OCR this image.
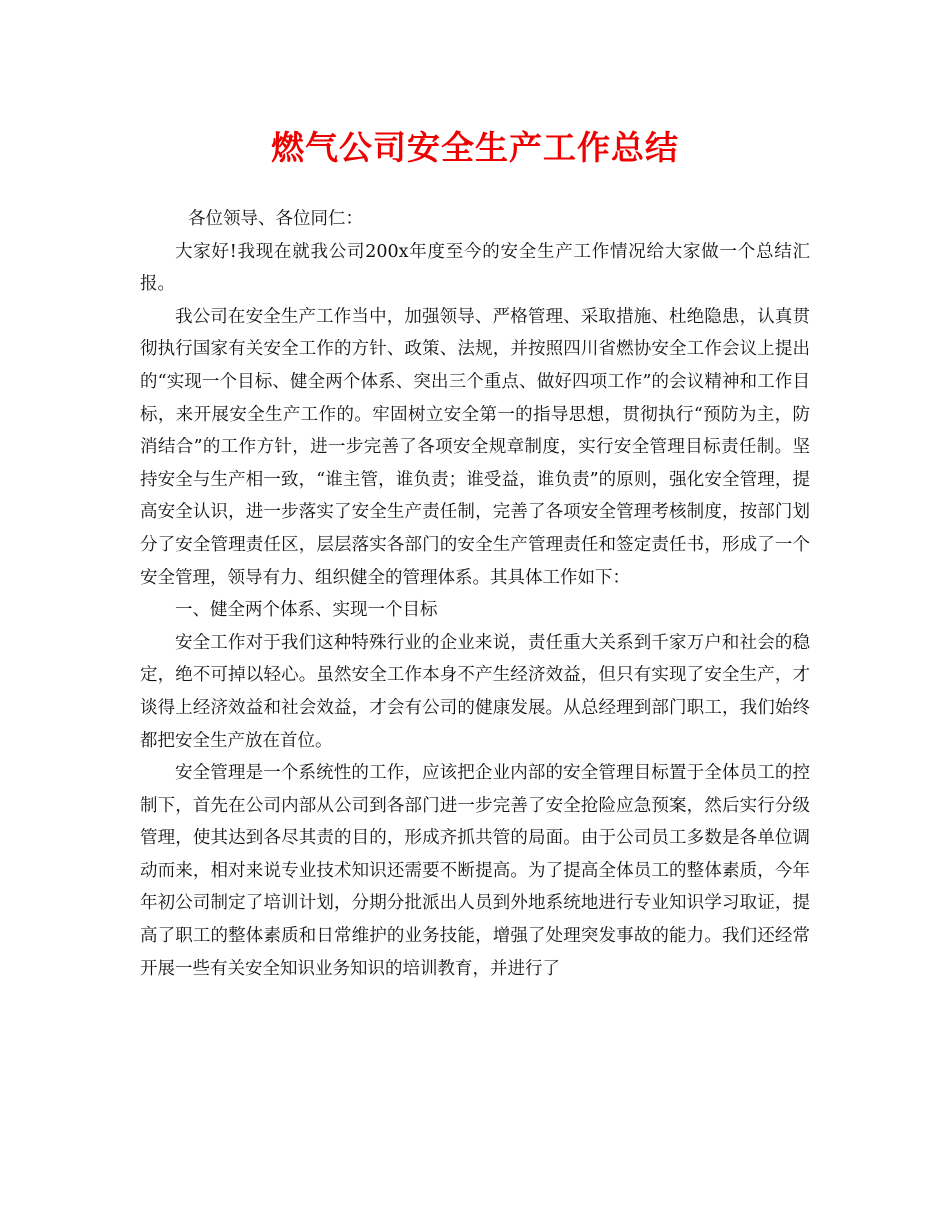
燃气公司安全生产工作总结

各位领导、各位同仁：

大家好!我现在就我公司200x年度至今的安全生产工作情况给大家做一个总结汇报。

我公司在安全生产工作当中，加强领导、严格管理、采取措施、杜绝隐患，认真贯彻执行国家有关安全工作的方针、政策、法规，并按照四川省燃协安全工作会议上提出的“实现一个目标、健全两个体系、突出三个重点、做好四项工作”的会议精神和工作目标，来开展安全生产工作的。牢固树立安全第一的指导思想，贯彻执行“预防为主，防消结合”的工作方针，进一步完善了各项安全规章制度，实行安全管理目标责任制。坚持安全与生产相一致，“谁主管，谁负责；谁受益，谁负责”的原则，强化安全管理，提高安全认识，进一步落实了安全生产责任制，完善了各项安全管理考核制度，按部门划分了安全管理责任区，层层落实各部门的安全生产管理责任和签定责任书，形成了一个安全管理，领导有力、组织健全的管理体系。其具体工作如下：

一、健全两个体系、实现一个目标

安全工作对于我们这种特殊行业的企业来说，责任重大关系到千家万户和社会的稳定，绝不可掉以轻心。虽然安全工作本身不产生经济效益，但只有实现了安全生产，才谈得上经济效益和社会效益，才会有公司的健康发展。从总经理到部门职工，我们始终都把安全生产放在首位。

安全管理是一个系统性的工作，应该把企业内部的安全管理目标置于全体员工的控制下，首先在公司内部从公司到各部门进一步完善了安全抢险应急预案，然后实行分级管理，使其达到各尽其责的目的，形成齐抓共管的局面。由于公司员工多数是各单位调动而来，相对来说专业技术知识还需要不断提高。为了提高全体员工的整体素质，今年年初公司制定了培训计划，分期分批派出人员到外地系统地进行专业知识学习取证，提高了职工的整体素质和日常维护的业务技能，增强了处理突发事故的能力。我们还经常开展一些有关安全知识业务知识的培训教育，并进行了
